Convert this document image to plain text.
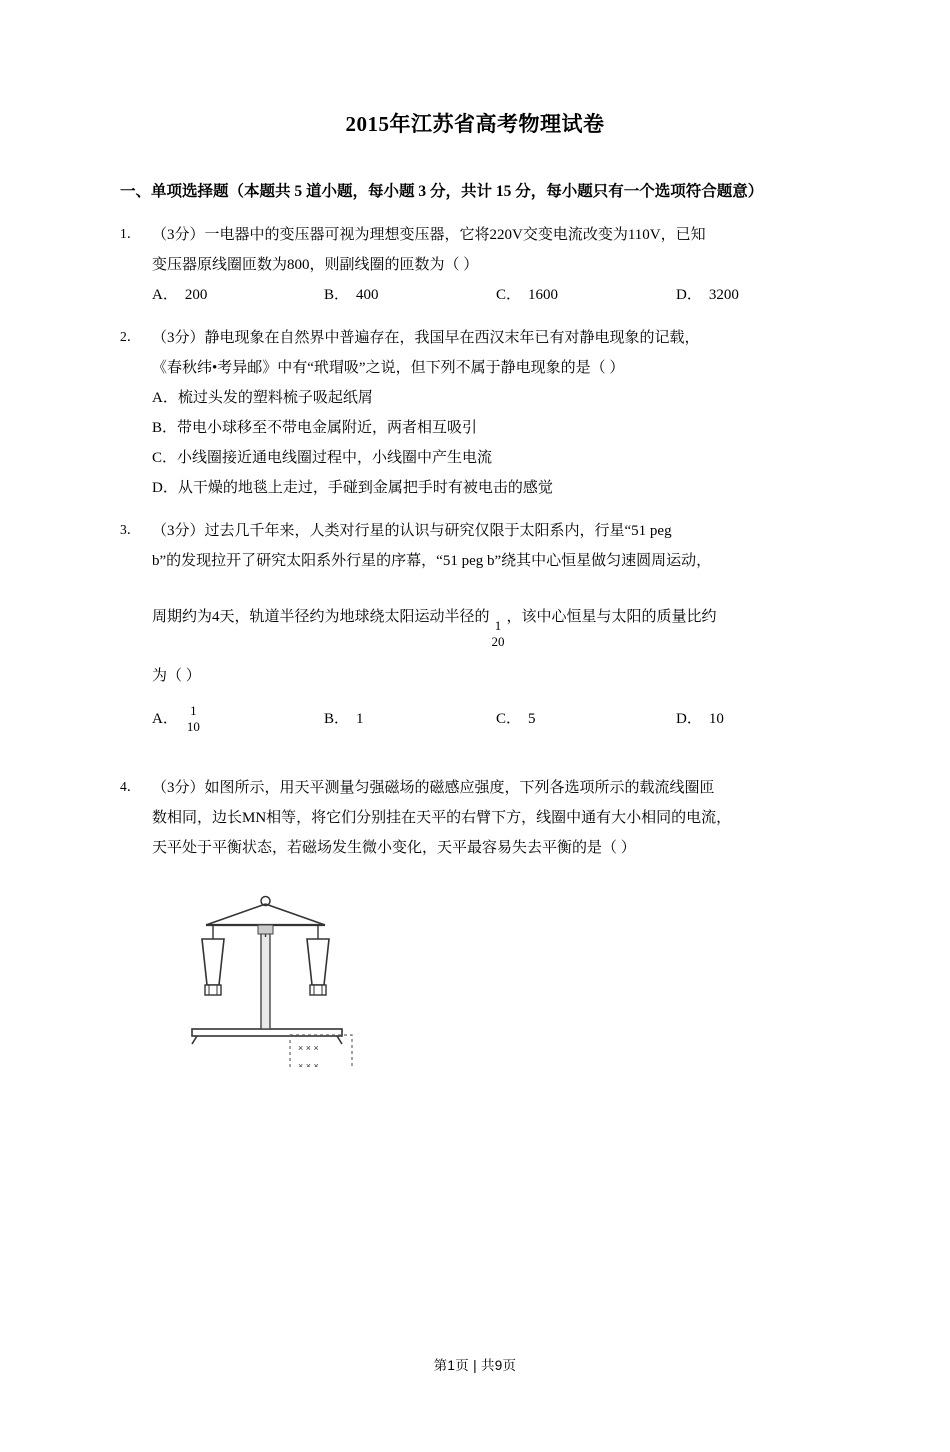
2015年江苏省高考物理试卷
一、单项选择题（本题共 5 道小题，每小题 3 分，共计 15 分，每小题只有一个选项符合题意）
1． （3分）一电器中的变压器可视为理想变压器，它将220V交变电流改变为110V，已知

变压器原线圈匝数为800，则副线圈的匝数为（ ）

A． 200	B． 400	C． 1600	D． 3200
2． （3分）静电现象在自然界中普遍存在，我国早在西汉末年已有对静电现象的记载，

《春秋纬•考异邮》中有“玳瑁吸”之说，但下列不属于静电现象的是（ ）

A．梳过头发的塑料梳子吸起纸屑

B．带电小球移至不带电金属附近，两者相互吸引

C．小线圈接近通电线圈过程中，小线圈中产生电流

D．从干燥的地毯上走过，手碰到金属把手时有被电击的感觉

3． （3分）过去几千年来，人类对行星的认识与研究仅限于太阳系内，行星“51 peg

b”的发现拉开了研究太阳系外行星的序幕，“51 peg b”绕其中心恒星做匀速圆周运动，

周期约为4天，轨道半径约为地球绕太阳运动半径的
1
20
，该中心恒星与太阳的质量比约

为（ ）

A．
1
10	B． 1	C． 5	D． 10
4． （3分）如图所示，用天平测量匀强磁场的磁感应强度，下列各选项所示的载流线圈匝

数相同，边长MN相等，将它们分别挂在天平的右臂下方，线圈中通有大小相同的电流，

天平处于平衡状态，若磁场发生微小变化，天平最容易失去平衡的是（ ）

× × ×
× × ×
第1页 | 共9页
